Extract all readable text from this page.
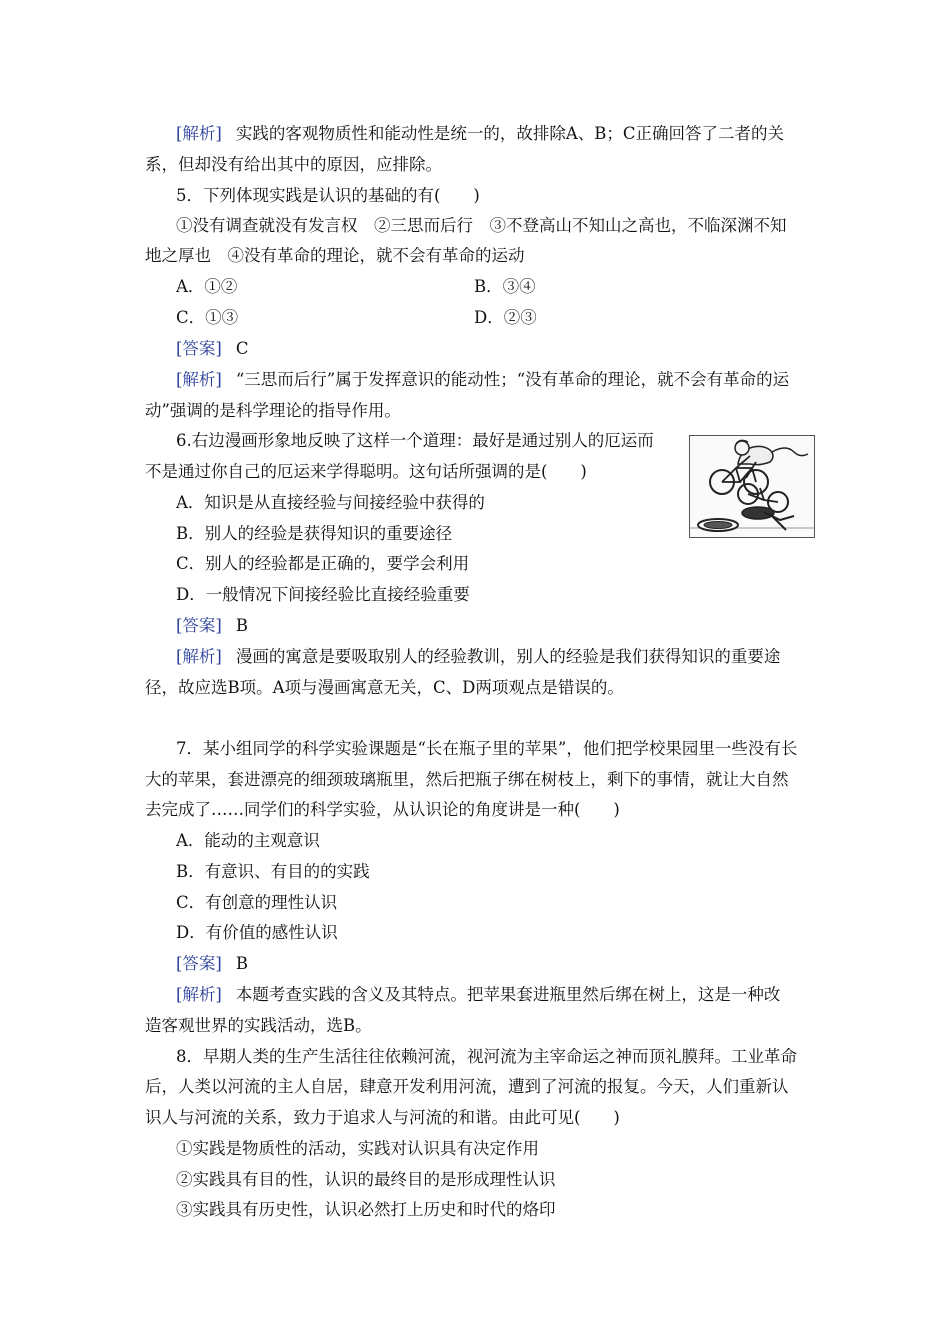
[解析] 实践的客观物质性和能动性是统一的，故排除A、B；C正确回答了二者的关
系，但却没有给出其中的原因，应排除。
5．下列体现实践是认识的基础的有(　　)
①没有调查就没有发言权　②三思而后行　③不登高山不知山之高也，不临深渊不知
地之厚也　④没有革命的理论，就不会有革命的运动
A．①②	B．③④
C．①③	D．②③
[答案] C
[解析] “三思而后行”属于发挥意识的能动性；“没有革命的理论，就不会有革命的运
动”强调的是科学理论的指导作用。
6.右边漫画形象地反映了这样一个道理：最好是通过别人的厄运而
不是通过你自己的厄运来学得聪明。这句话所强调的是(　　)
A．知识是从直接经验与间接经验中获得的
B．别人的经验是获得知识的重要途径
C．别人的经验都是正确的，要学会利用
D．一般情况下间接经验比直接经验重要
[答案] B
[解析] 漫画的寓意是要吸取别人的经验教训，别人的经验是我们获得知识的重要途
径，故应选B项。A项与漫画寓意无关，C、D两项观点是错误的。
7．某小组同学的科学实验课题是“长在瓶子里的苹果”，他们把学校果园里一些没有长
大的苹果，套进漂亮的细颈玻璃瓶里，然后把瓶子绑在树枝上，剩下的事情，就让大自然
去完成了……同学们的科学实验，从认识论的角度讲是一种(　　)
A．能动的主观意识
B．有意识、有目的的实践
C．有创意的理性认识
D．有价值的感性认识
[答案] B
[解析] 本题考查实践的含义及其特点。把苹果套进瓶里然后绑在树上，这是一种改
造客观世界的实践活动，选B。
8．早期人类的生产生活往往依赖河流，视河流为主宰命运之神而顶礼膜拜。工业革命
后，人类以河流的主人自居，肆意开发利用河流，遭到了河流的报复。今天，人们重新认
识人与河流的关系，致力于追求人与河流的和谐。由此可见(　　)
①实践是物质性的活动，实践对认识具有决定作用
②实践具有目的性，认识的最终目的是形成理性认识
③实践具有历史性，认识必然打上历史和时代的烙印
